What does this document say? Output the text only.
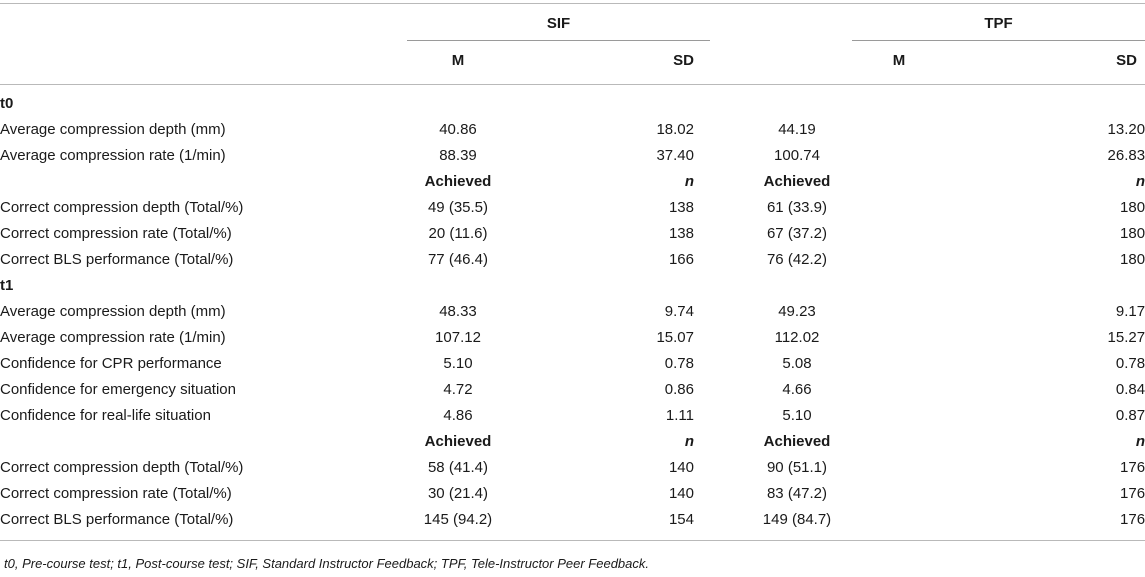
SIF	TPF
M	SD	M	SD
t0				
Average compression depth (mm)	40.86	18.02	44.19	13.20
Average compression rate (1/min)	88.39	37.40	100.74	26.83
	Achieved	n	Achieved	n
Correct compression depth (Total/%)	49 (35.5)	138	61 (33.9)	180
Correct compression rate (Total/%)	20 (11.6)	138	67 (37.2)	180
Correct BLS performance (Total/%)	77 (46.4)	166	76 (42.2)	180
t1				
Average compression depth (mm)	48.33	9.74	49.23	9.17
Average compression rate (1/min)	107.12	15.07	112.02	15.27
Confidence for CPR performance	5.10	0.78	5.08	0.78
Confidence for emergency situation	4.72	0.86	4.66	0.84
Confidence for real-life situation	4.86	1.11	5.10	0.87
	Achieved	n	Achieved	n
Correct compression depth (Total/%)	58 (41.4)	140	90 (51.1)	176
Correct compression rate (Total/%)	30 (21.4)	140	83 (47.2)	176
Correct BLS performance (Total/%)	145 (94.2)	154	149 (84.7)	176
t0, Pre-course test; t1, Post-course test; SIF, Standard Instructor Feedback; TPF, Tele-Instructor Peer Feedback.
